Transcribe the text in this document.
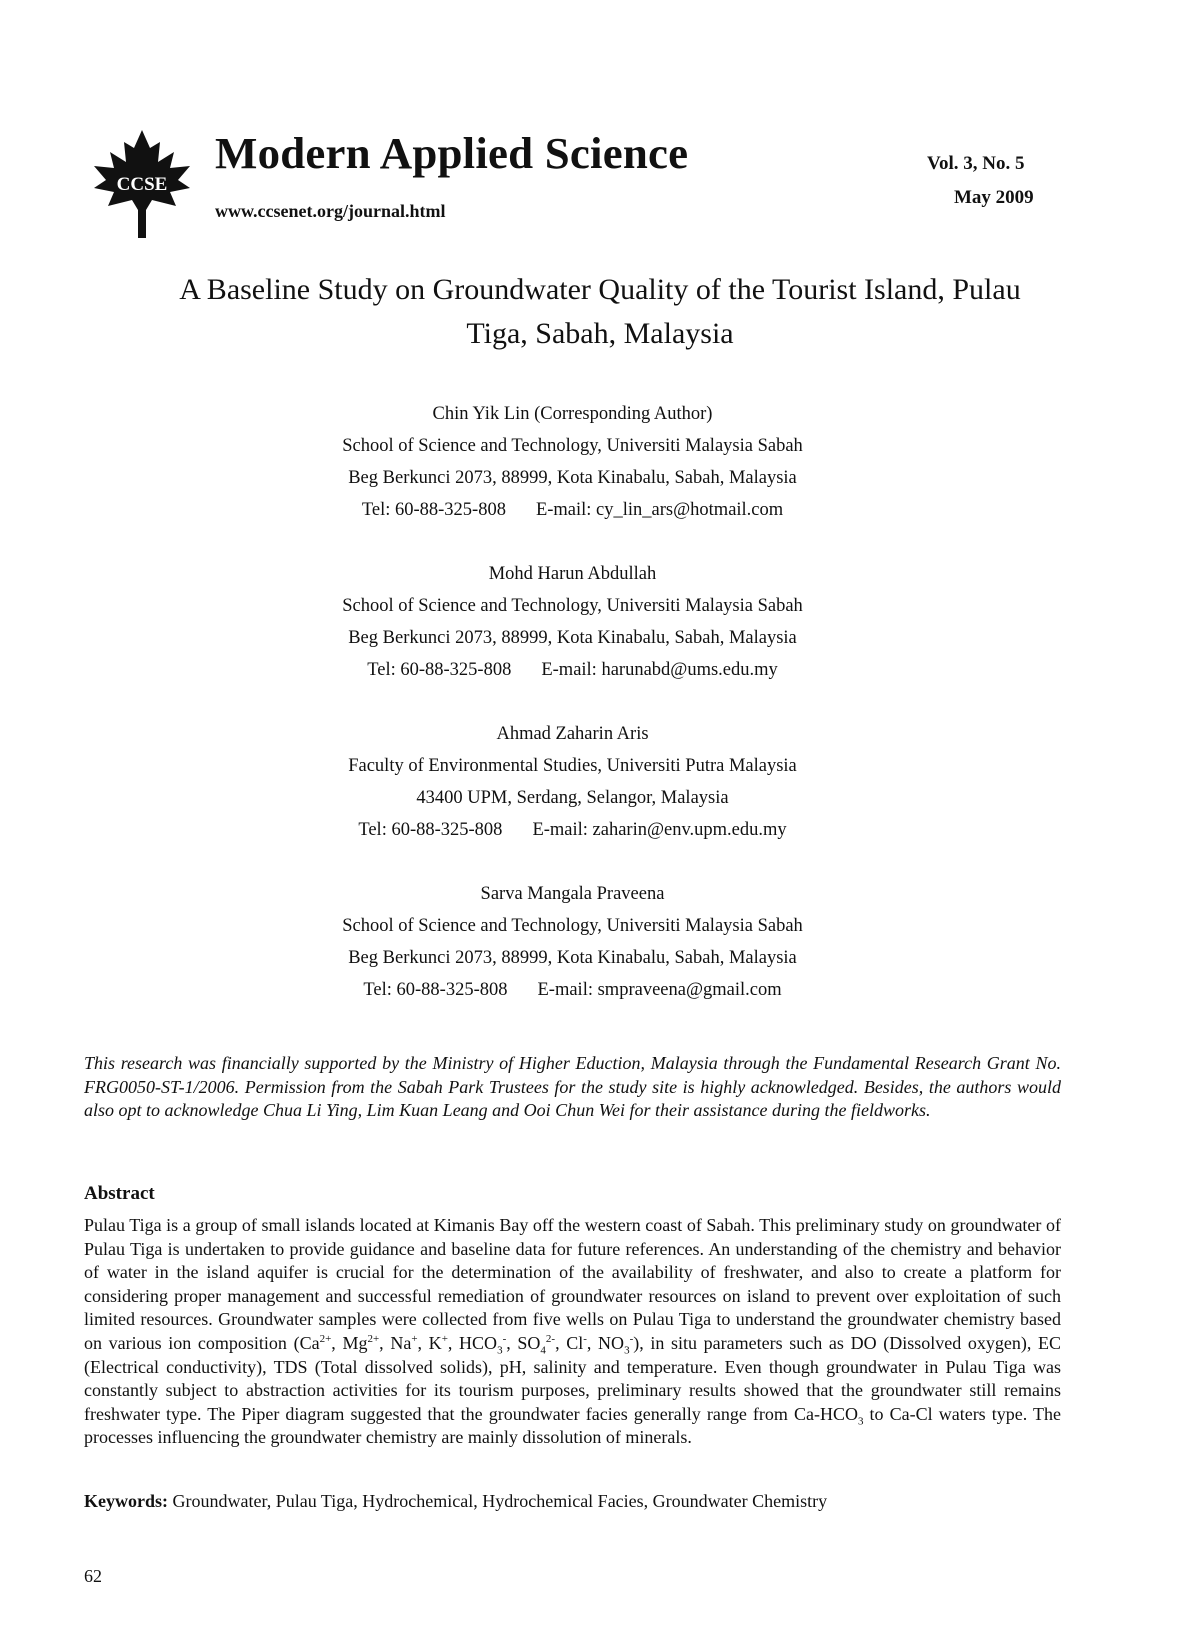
CCSE
Modern Applied Science
www.ccsenet.org/journal.html
Vol. 3, No. 5
May 2009
A Baseline Study on Groundwater Quality of the Tourist Island, Pulau
Tiga, Sabah, Malaysia
Chin Yik Lin (Corresponding Author)
School of Science and Technology, Universiti Malaysia Sabah
Beg Berkunci 2073, 88999, Kota Kinabalu, Sabah, Malaysia
Tel: 60-88-325-808 E-mail: cy_lin_ars@hotmail.com
Mohd Harun Abdullah
School of Science and Technology, Universiti Malaysia Sabah
Beg Berkunci 2073, 88999, Kota Kinabalu, Sabah, Malaysia
Tel: 60-88-325-808 E-mail: harunabd@ums.edu.my
Ahmad Zaharin Aris
Faculty of Environmental Studies, Universiti Putra Malaysia
43400 UPM, Serdang, Selangor, Malaysia
Tel: 60-88-325-808 E-mail: zaharin@env.upm.edu.my
Sarva Mangala Praveena
School of Science and Technology, Universiti Malaysia Sabah
Beg Berkunci 2073, 88999, Kota Kinabalu, Sabah, Malaysia
Tel: 60-88-325-808 E-mail: smpraveena@gmail.com
This research was financially supported by the Ministry of Higher Eduction, Malaysia through the Fundamental Research Grant No. FRG0050-ST-1/2006. Permission from the Sabah Park Trustees for the study site is highly acknowledged. Besides, the authors would also opt to acknowledge Chua Li Ying, Lim Kuan Leang and Ooi Chun Wei for their assistance during the fieldworks.
Abstract
Pulau Tiga is a group of small islands located at Kimanis Bay off the western coast of Sabah. This preliminary study on groundwater of Pulau Tiga is undertaken to provide guidance and baseline data for future references. An understanding of the chemistry and behavior of water in the island aquifer is crucial for the determination of the availability of freshwater, and also to create a platform for considering proper management and successful remediation of groundwater resources on island to prevent over exploitation of such limited resources. Groundwater samples were collected from five wells on Pulau Tiga to understand the groundwater chemistry based on various ion composition ($Ca^{2+}$, $Mg^{2+}$, Na+, K+, $HCO_3^-$, $SO_4^{2-}$, Cl-, $NO_3^-$), in situ parameters such as DO (Dissolved oxygen), EC (Electrical conductivity), TDS (Total dissolved solids), pH, salinity and temperature. Even though groundwater in Pulau Tiga was constantly subject to abstraction activities for its tourism purposes, preliminary results showed that the groundwater still remains freshwater type. The Piper diagram suggested that the groundwater facies generally range from $Ca-HCO_3$ to Ca-Cl waters type. The processes influencing the groundwater chemistry are mainly dissolution of minerals.
Keywords: Groundwater, Pulau Tiga, Hydrochemical, Hydrochemical Facies, Groundwater Chemistry
62
